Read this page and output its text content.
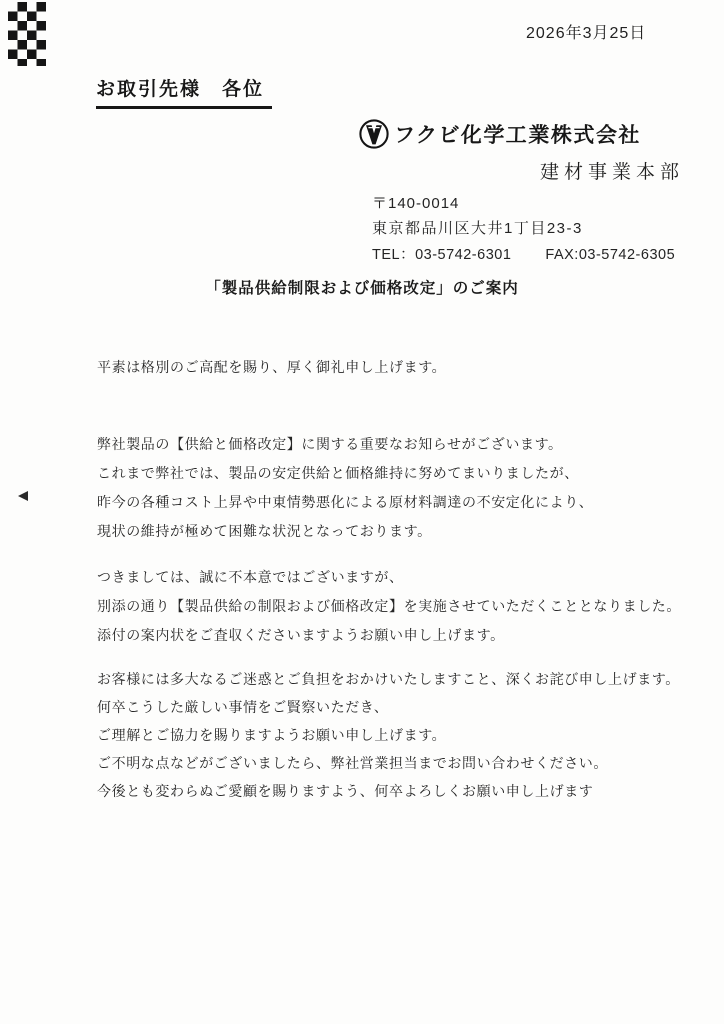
2026年3月25日
お取引先様　各位
フクビ化学工業株式会社
建材事業本部
〒140-0014
東京都品川区大井1丁目23-3
TEL：03-5742-6301 FAX:03-5742-6305
「製品供給制限および価格改定」のご案内
平素は格別のご高配を賜り、厚く御礼申し上げます。
弊社製品の【供給と価格改定】に関する重要なお知らせがございます。
これまで弊社では、製品の安定供給と価格維持に努めてまいりましたが、
昨今の各種コスト上昇や中東情勢悪化による原材料調達の不安定化により、
現状の維持が極めて困難な状況となっております。
つきましては、誠に不本意ではございますが、
別添の通り【製品供給の制限および価格改定】を実施させていただくこととなりました。
添付の案内状をご査収くださいますようお願い申し上げます。
お客様には多大なるご迷惑とご負担をおかけいたしますこと、深くお詫び申し上げます。
何卒こうした厳しい事情をご賢察いただき、
ご理解とご協力を賜りますようお願い申し上げます。
ご不明な点などがございましたら、弊社営業担当までお問い合わせください。
今後とも変わらぬご愛顧を賜りますよう、何卒よろしくお願い申し上げます
